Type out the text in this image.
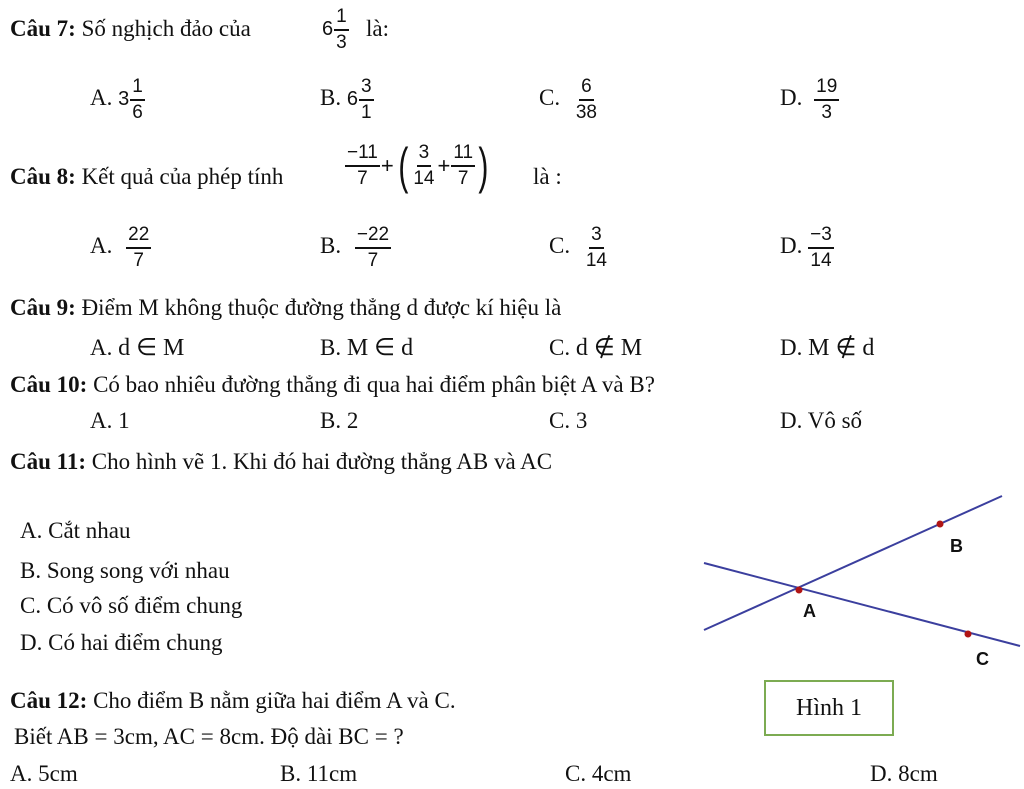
Câu 7: Số nghịch đảo của	$6 \frac{1}{3}$ là:
A. $3 \frac{1}{6}$	B. $6 \frac{3}{1}$	C. $\frac{6}{38}$	D. $\frac{19}{3}$
Câu 8: Kết quả của phép tính	$\frac{-11}{7}$ +( $\frac{3}{14} + \frac{11}{7}$ ) là :
A. $\frac{22}{7}$	B. $\frac{-22}{7}$	C. $\frac{3}{14}$	D. $\frac{-3}{14}$
Câu 9: Điểm M không thuộc đường thẳng d được kí hiệu là
A. d ∈ M	B. M ∈ d	C. d ∉ M	D. M ∉ d
Câu 10: Có bao nhiêu đường thẳng đi qua hai điểm phân biệt A và B?
A. 1	B. 2	C. 3	D. Vô số
Câu 11: Cho hình vẽ 1. Khi đó hai đường thẳng AB và AC
A. Cắt nhau
B. Song song với nhau
C. Có vô số điểm chung
D. Có hai điểm chung
A
B
C
Hình 1
Câu 12: Cho điểm B nằm giữa hai điểm A và C.
Biết AB = 3cm, AC = 8cm. Độ dài BC = ?
A. 5cm	B. 11cm	C. 4cm	D. 8cm
